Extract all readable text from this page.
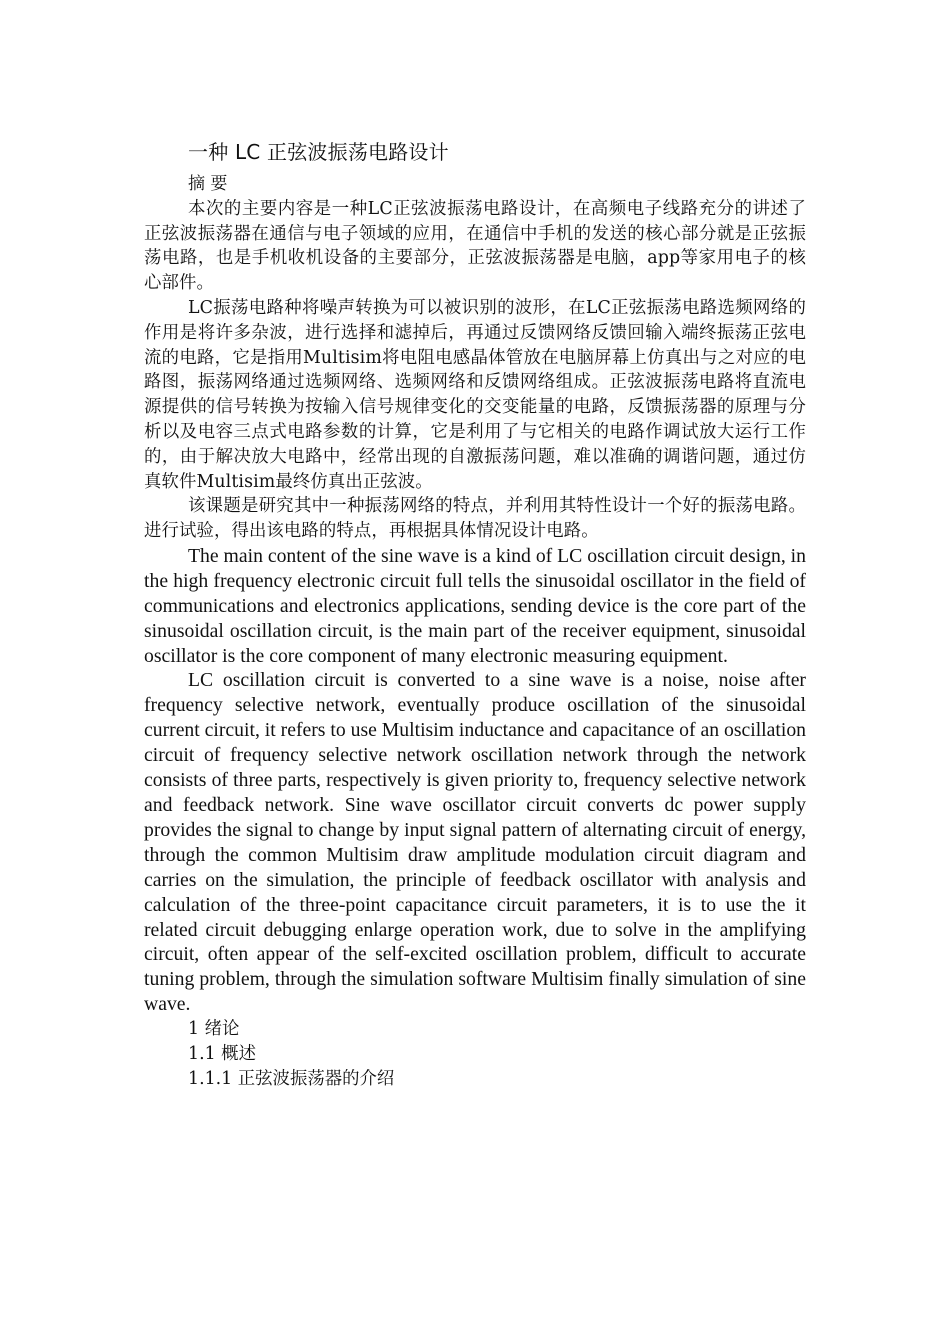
一种 LC 正弦波振荡电路设计

摘 要

本次的主要内容是一种LC正弦波振荡电路设计，在高频电子线路充分的讲述了正弦波振荡器在通信与电子领域的应用，在通信中手机的发送的核心部分就是正弦振荡电路，也是手机收机设备的主要部分，正弦波振荡器是电脑，app等家用电子的核心部件。

LC振荡电路种将噪声转换为可以被识别的波形，在LC正弦振荡电路选频网络的作用是将许多杂波，进行选择和滤掉后，再通过反馈网络反馈回输入端终振荡正弦电流的电路，它是指用Multisim将电阻电感晶体管放在电脑屏幕上仿真出与之对应的电路图，振荡网络通过选频网络、选频网络和反馈网络组成。正弦波振荡电路将直流电源提供的信号转换为按输入信号规律变化的交变能量的电路，反馈振荡器的原理与分析以及电容三点式电路参数的计算，它是利用了与它相关的电路作调试放大运行工作的，由于解决放大电路中，经常出现的自激振荡问题，难以准确的调谐问题，通过仿真软件Multisim最终仿真出正弦波。

该课题是研究其中一种振荡网络的特点，并利用其特性设计一个好的振荡电路。进行试验，得出该电路的特点，再根据具体情况设计电路。

The main content of the sine wave is a kind of LC oscillation circuit design, in the high frequency electronic circuit full tells the sinusoidal oscillator in the field of communications and electronics applications, sending device is the core part of the sinusoidal oscillation circuit, is the main part of the receiver equipment, sinusoidal oscillator is the core component of many electronic measuring equipment.

LC oscillation circuit is converted to a sine wave is a noise, noise after frequency selective network, eventually produce oscillation of the sinusoidal current circuit, it refers to use Multisim inductance and capacitance of an oscillation circuit of frequency selective network oscillation network through the network consists of three parts, respectively is given priority to, frequency selective network and feedback network. Sine wave oscillator circuit converts dc power supply provides the signal to change by input signal pattern of alternating circuit of energy, through the common Multisim draw amplitude modulation circuit diagram and carries on the simulation, the principle of feedback oscillator with analysis and calculation of the three-point capacitance circuit parameters, it is to use the it related circuit debugging enlarge operation work, due to solve in the amplifying circuit, often appear of the self-excited oscillation problem, difficult to accurate tuning problem, through the simulation software Multisim finally simulation of sine wave.

1 绪论

1.1 概述

1.1.1 正弦波振荡器的介绍
